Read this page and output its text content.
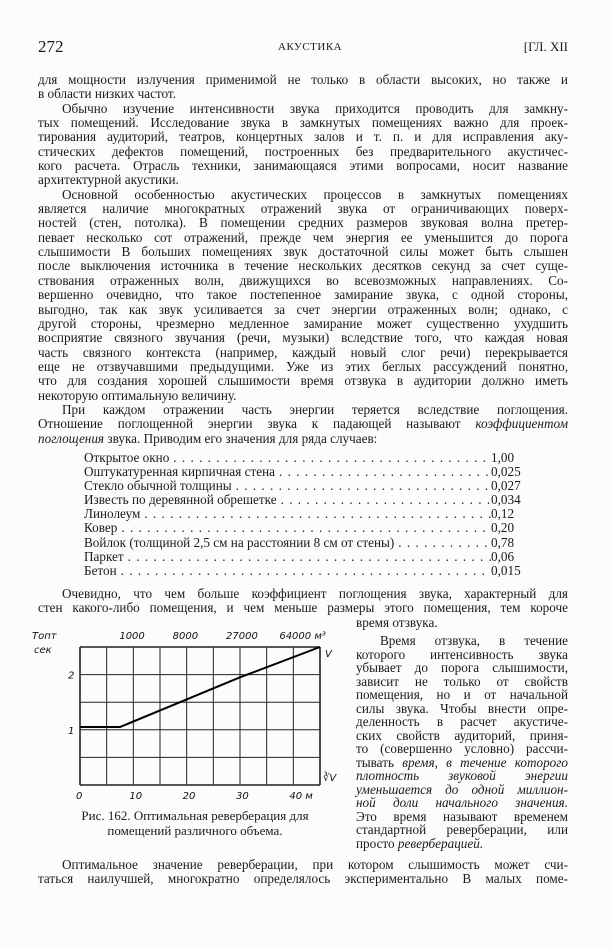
272	АКУСТИКА	[ГЛ. XII
для мощности излучения применимой не только в области высоких, но также и
в области низких частот.
Обычно изучение интенсивности звука приходится проводить для замкну-
тых помещений. Исследование звука в замкнутых помещениях важно для проек-
тирования аудиторий, театров, концертных залов и т. п. и для исправления аку-
стических дефектов помещений, построенных без предварительного акустичес-
кого расчета. Отрасль техники, занимающаяся этими вопросами, носит название
архитектурной акустики.
Основной особенностью акустических процессов в замкнутых помещениях
является наличие многократных отражений звука от ограничивающих поверх-
ностей (стен, потолка). В помещении средних размеров звуковая волна претер-
певает несколько сот отражений, прежде чем энергия ее уменьшится до порога
слышимости В больших помещениях звук достаточной силы может быть слышен
после выключения источника в течение нескольких десятков секунд за счет суще-
ствования отраженных волн, движущихся во всевозможных направлениях. Со-
вершенно очевидно, что такое постепенное замирание звука, с одной стороны,
выгодно, так как звук усиливается за счет энергии отраженных волн; однако, с
другой стороны, чрезмерно медленное замирание может существенно ухудшить
восприятие связного звучания (речи, музыки) вследствие того, что каждая новая
часть связного контекста (например, каждый новый слог речи) перекрывается
еще не отзвучавшими предыдущими. Уже из этих беглых рассуждений понятно,
что для создания хорошей слышимости время отзвука в аудитории должно иметь
некоторую оптимальную величину.
При каждом отражении часть энергии теряется вследствие поглощения.
Отношение поглощенной энергии звука к падающей называют коэффициентом
поглощения звука. Приводим его значения для ряда случаев:
Открытое окно . . .	1,00
Оштукатуренная кирпичная стена . . .	0,025
Стекло обычной толщины . . .	0,027
Известь по деревянной обрешетке . . .	0,034
Линолеум . . .	0,12
Ковер . . .	0,20
Войлок (толщиной 2,5 см на расстоянии 8 см от стены) . . .	0,78
Паркет . . .	0,06
Бетон . . .	0,015
Очевидно, что чем больше коэффициент поглощения звука, характерный для
стен какого-либо помещения, и чем меньше размеры этого помещения, тем короче
время отзвука.
Время отзвука, в течение
которого интенсивность звука
убывает до порога слышимости,
зависит не только от свойств
помещения, но и от начальной
силы звука. Чтобы внести опре-
деленность в расчет акустиче-
ских свойств аудиторий, приня-
то (совершенно условно) рассчи-
тывать время, в течение которого
плотность звуковой энергии
уменьшается до одной миллион-
ной доли начального значения.
Это время называют временем
стандартной реверберации, или
просто реверберацией.
0	10	20	30	40 м
1
2
1000	8000	27000 64000 м³
Tопт
сек	V
∛V
Рис. 162. Оптимальная реверберация для
помещений различного объема.
Оптимальное значение реверберации, при котором слышимость может счи-
таться наилучшей, многократно определялось экспериментально В малых поме-
